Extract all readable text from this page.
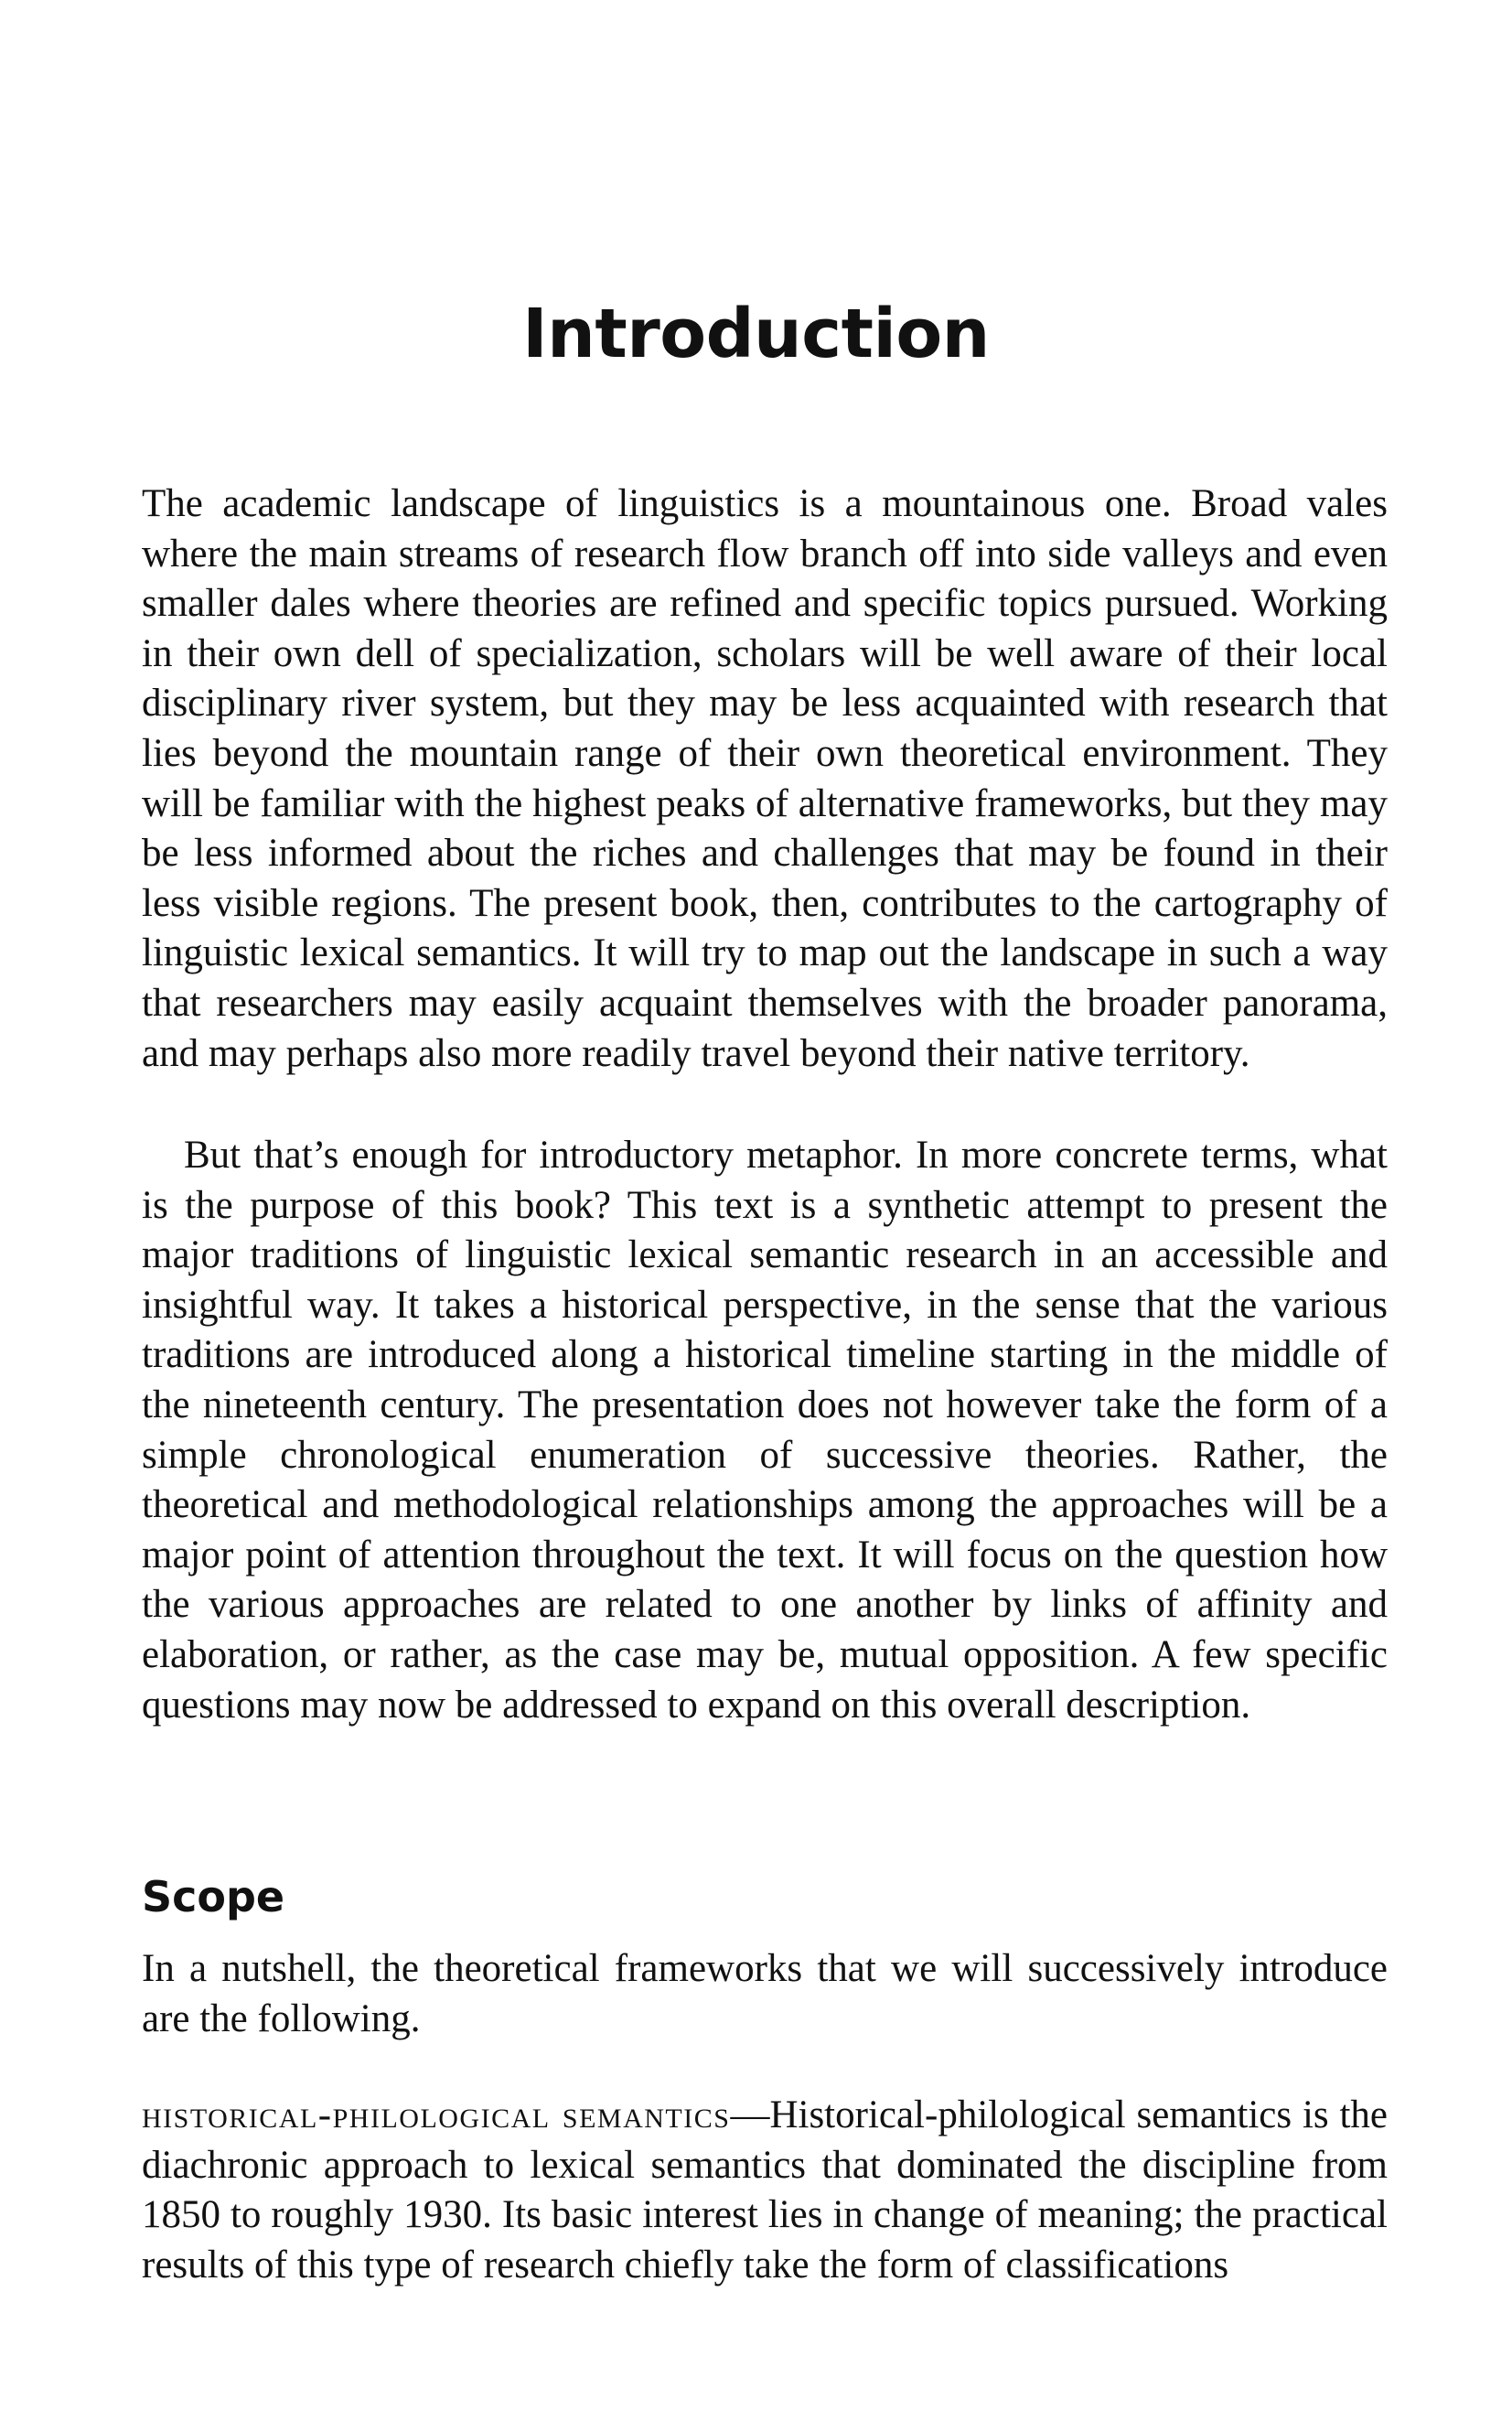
Introduction

The academic landscape of linguistics is a mountainous one. Broad vales where the main streams of research flow branch off into side valleys and even smaller dales where theories are refined and specific topics pursued. Working in their own dell of specialization, scholars will be well aware of their local disciplinary river system, but they may be less acquainted with research that lies beyond the mountain range of their own theoretical environment. They will be familiar with the highest peaks of alternative frameworks, but they may be less informed about the riches and challenges that may be found in their less visible regions. The present book, then, contributes to the cartography of linguistic lexical semantics. It will try to map out the landscape in such a way that researchers may easily acquaint themselves with the broader panorama, and may perhaps also more readily travel beyond their native territory.

But that’s enough for introductory metaphor. In more concrete terms, what is the purpose of this book? This text is a synthetic attempt to present the major traditions of linguistic lexical semantic research in an accessible and insightful way. It takes a historical perspective, in the sense that the various traditions are introduced along a historical timeline starting in the middle of the nineteenth century. The presentation does not however take the form of a simple chronological enumeration of successive theories. Rather, the theoretical and methodological relationships among the approaches will be a major point of attention throughout the text. It will focus on the question how the various approaches are related to one another by links of affinity and elaboration, or rather, as the case may be, mutual opposition. A few specific questions may now be addressed to expand on this overall description.

Scope

In a nutshell, the theoretical frameworks that we will successively introduce are the following.

historical-philological semantics—Historical-philological semantics is the diachronic approach to lexical semantics that dominated the discipline from 1850 to roughly 1930. Its basic interest lies in change of meaning; the practical results of this type of research chiefly take the form of classifications
